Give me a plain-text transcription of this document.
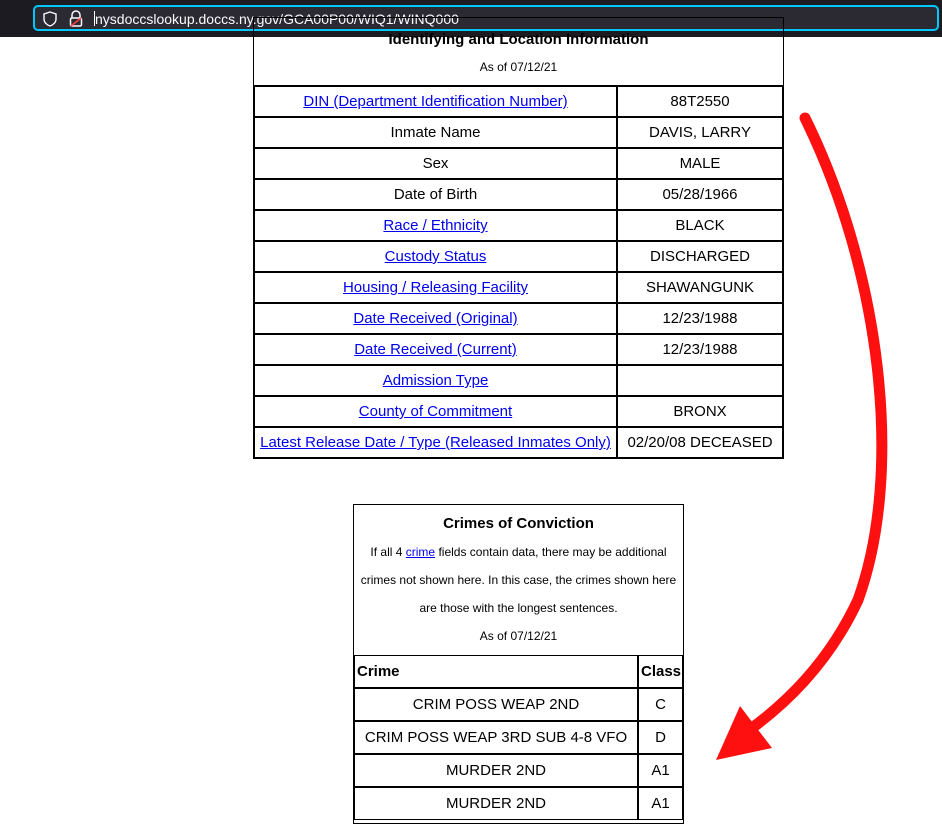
nysdoccslookup.doccs.ny.gov/GCA00P00/WIQ1/WINQ000
Identifying and Location Information
As of 07/12/21
DIN (Department Identification Number)	88T2550
Inmate Name	DAVIS, LARRY
Sex	MALE
Date of Birth	05/28/1966
Race / Ethnicity	BLACK
Custody Status	DISCHARGED
Housing / Releasing Facility	SHAWANGUNK
Date Received (Original)	12/23/1988
Date Received (Current)	12/23/1988
Admission Type	
County of Commitment	BRONX
Latest Release Date / Type (Released Inmates Only)	02/20/08 DECEASED
Crimes of Conviction
If all 4 crime fields contain data, there may be additional
crimes not shown here. In this case, the crimes shown here
are those with the longest sentences.
As of 07/12/21
Crime	Class
CRIM POSS WEAP 2ND	C
CRIM POSS WEAP 3RD SUB 4-8 VFO	D
MURDER 2ND	A1
MURDER 2ND	A1
